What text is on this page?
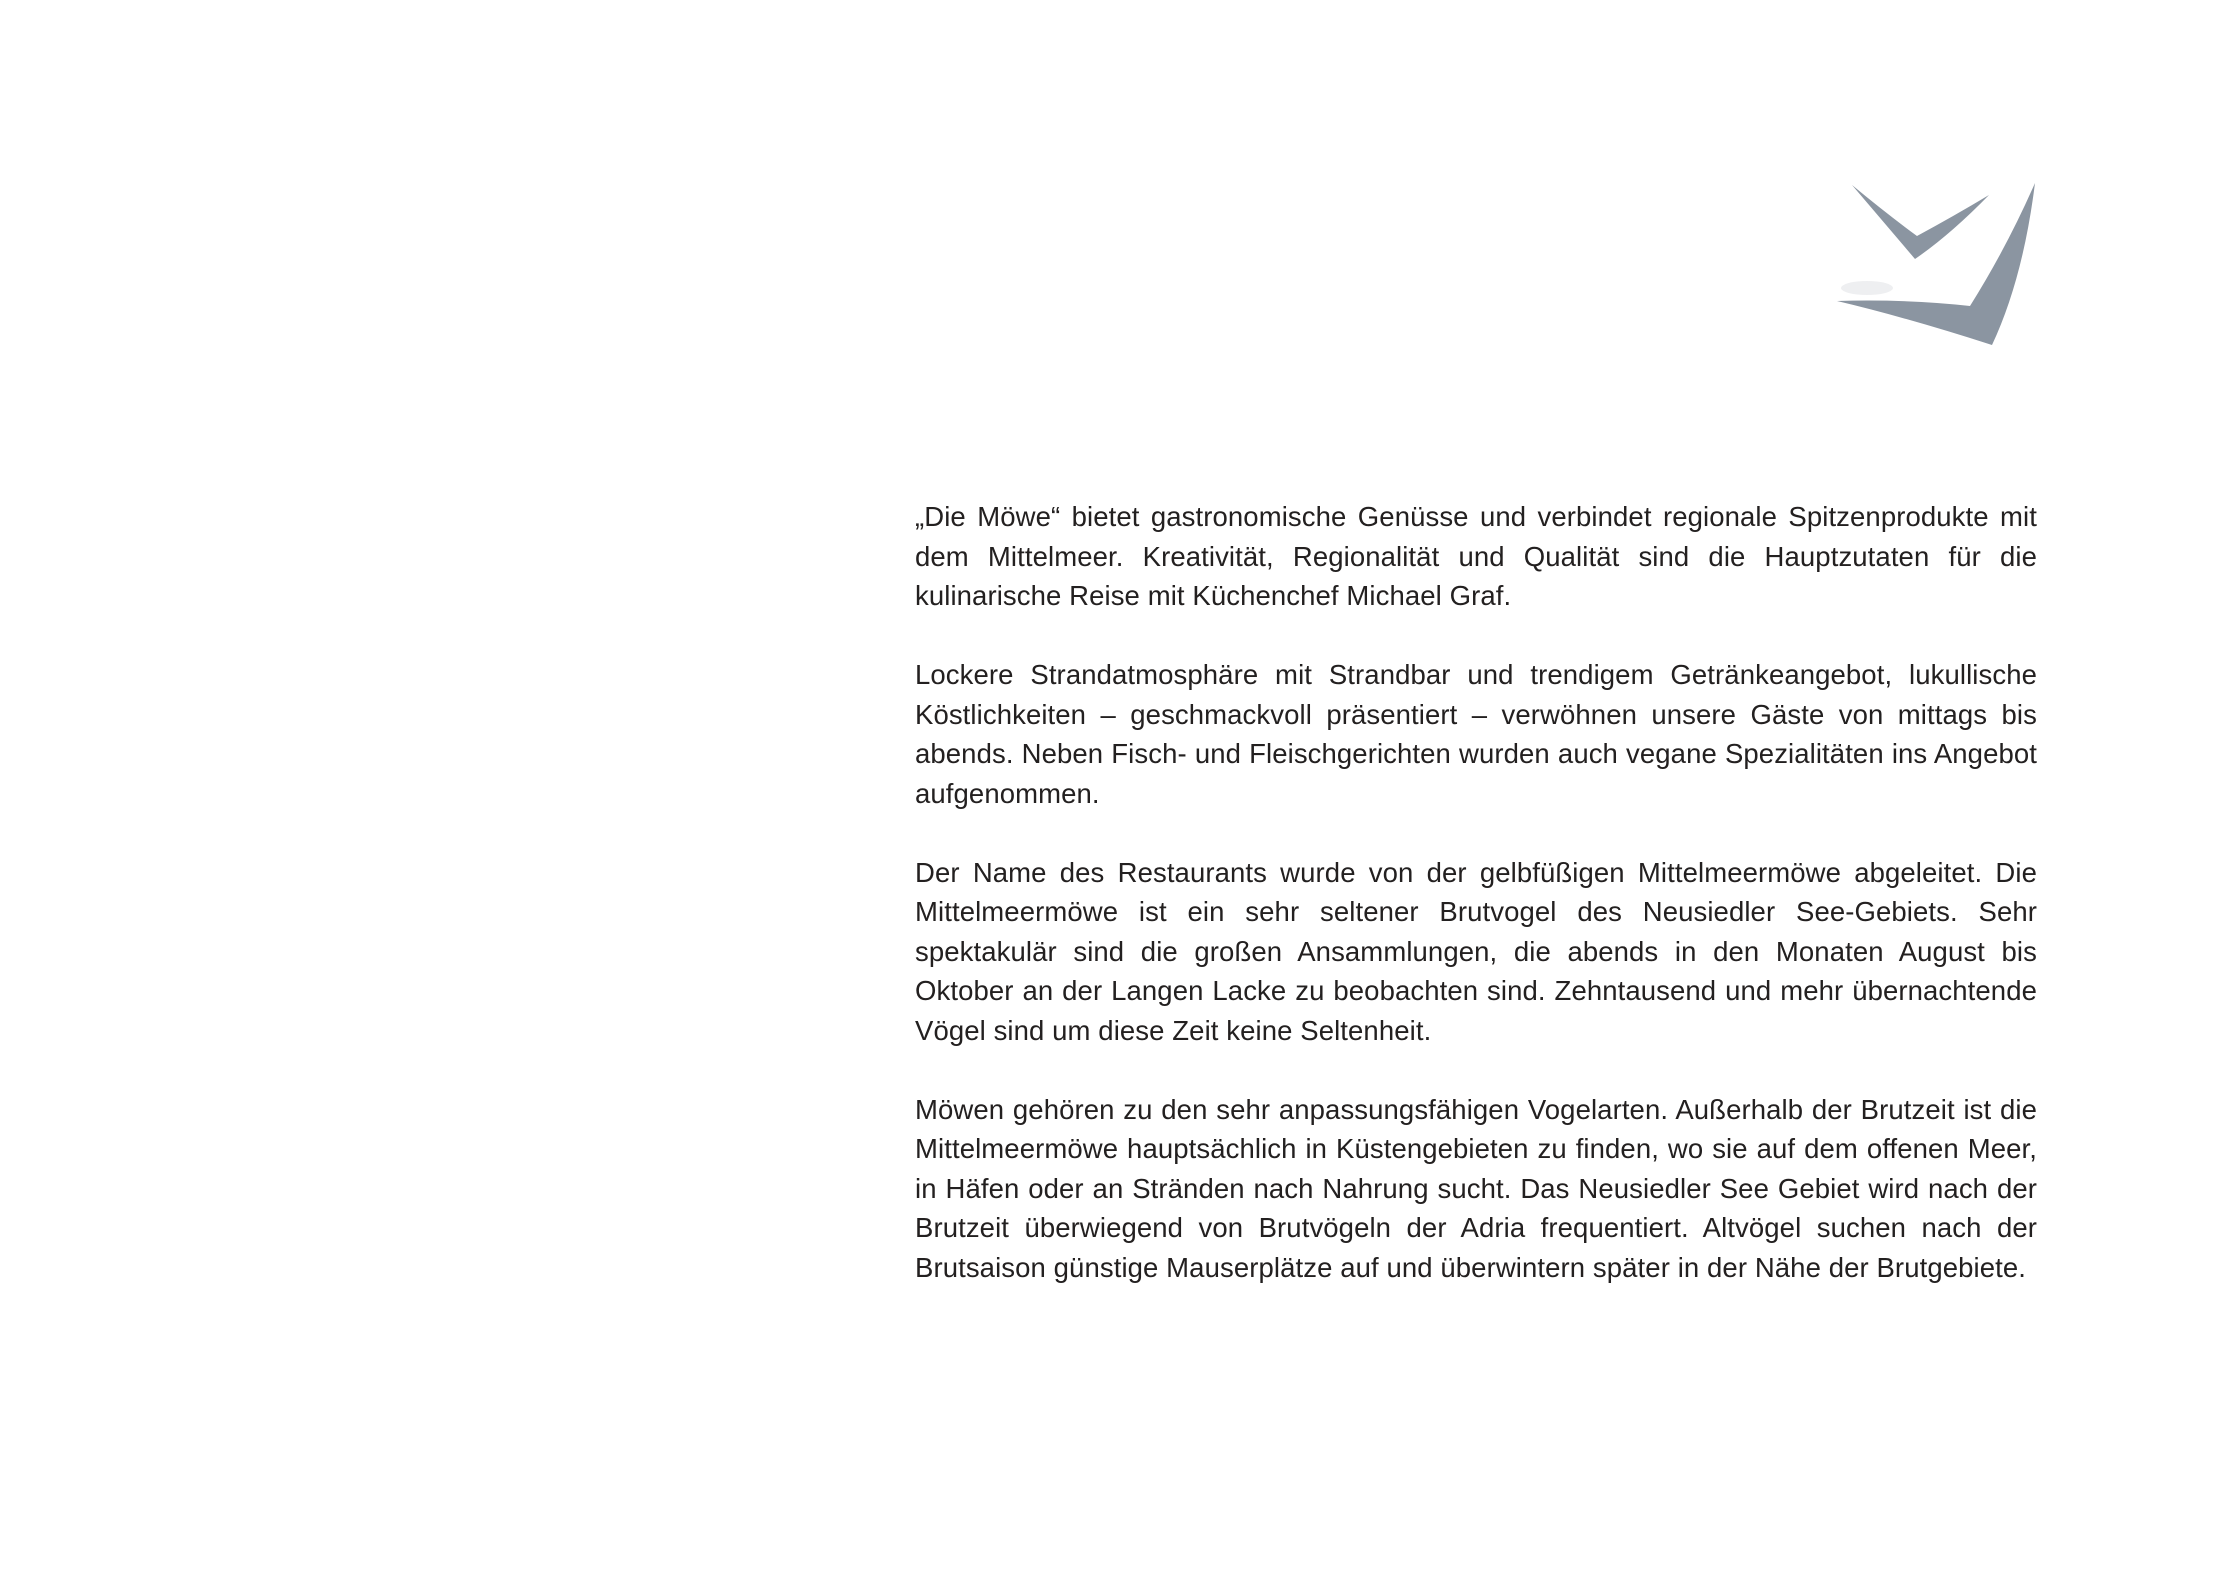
„Die Möwe“ bietet gastronomische Genüsse und verbindet regionale Spitzenprodukte mit dem Mittelmeer. Kreativität, Regionalität und Qualität sind die Hauptzutaten für die kulinarische Reise mit Küchenchef Michael Graf.

Lockere Strandatmosphäre mit Strandbar und trendigem Getränkeangebot, lukullische Köstlichkeiten – geschmackvoll präsentiert – verwöhnen unsere Gäste von mittags bis abends. Neben Fisch- und Fleischgerichten wurden auch vegane Spezialitäten ins Angebot aufgenommen.

Der Name des Restaurants wurde von der gelbfüßigen Mittelmeermöwe abgeleitet. Die Mittelmeermöwe ist ein sehr seltener Brutvogel des Neusiedler See-Gebiets. Sehr spektakulär sind die großen Ansammlungen, die abends in den Monaten August bis Oktober an der Langen Lacke zu beobachten sind. Zehntausend und mehr übernachtende Vögel sind um diese Zeit keine Seltenheit.

Möwen gehören zu den sehr anpassungsfähigen Vogelarten. Außerhalb der Brutzeit ist die Mittelmeermöwe hauptsächlich in Küstengebieten zu finden, wo sie auf dem offenen Meer, in Häfen oder an Stränden nach Nahrung sucht. Das Neusiedler See Gebiet wird nach der Brutzeit überwiegend von Brutvögeln der Adria frequentiert. Altvögel suchen nach der Brutsaison günstige Mauserplätze auf und überwintern später in der Nähe der Brutgebiete.
